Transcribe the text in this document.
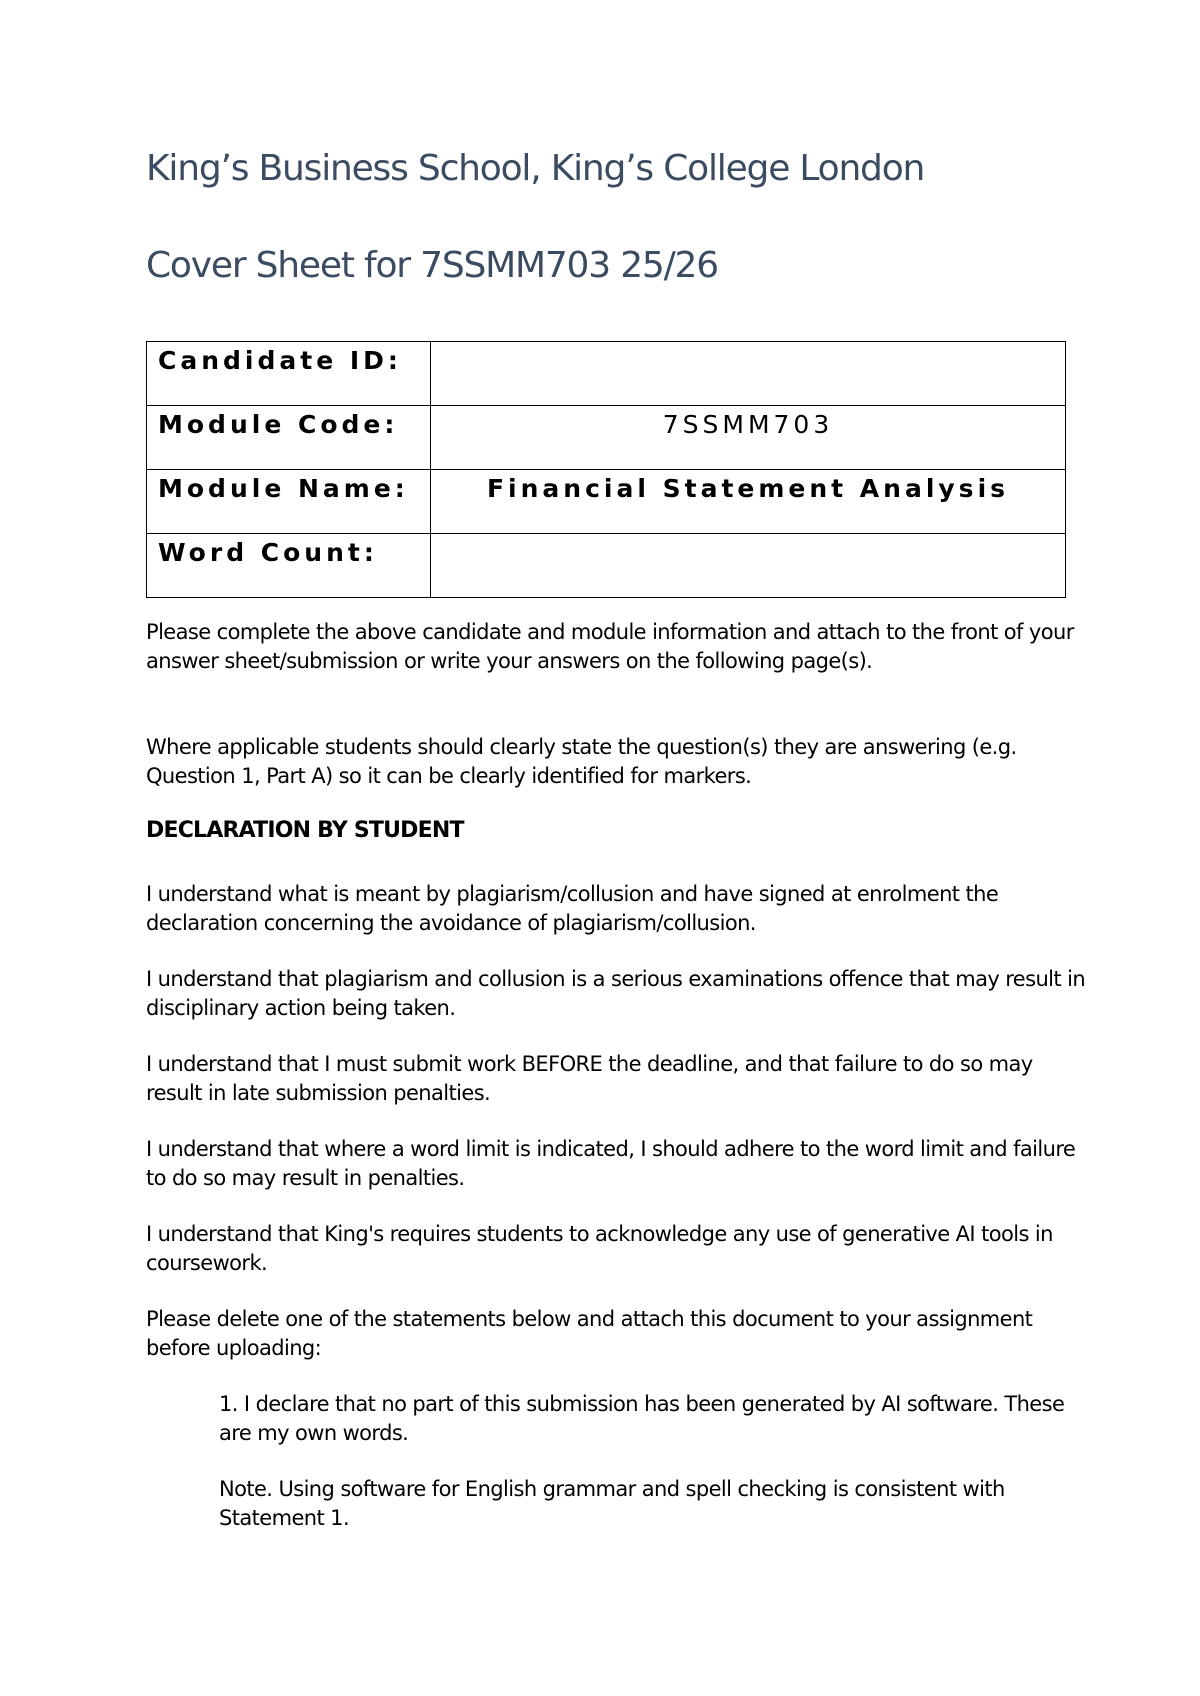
King’s Business School, King’s College London
Cover Sheet for 7SSMM703 25/26
Candidate ID:	
Module Code:	7SSMM703
Module Name:	Financial Statement Analysis
Word Count:	

Please complete the above candidate and module information and attach to the front of your answer sheet/submission or write your answers on the following page(s).

Where applicable students should clearly state the question(s) they are answering (e.g. Question 1, Part A) so it can be clearly identified for markers.

DECLARATION BY STUDENT

I understand what is meant by plagiarism/collusion and have signed at enrolment the declaration concerning the avoidance of plagiarism/collusion.

I understand that plagiarism and collusion is a serious examinations offence that may result in disciplinary action being taken.

I understand that I must submit work BEFORE the deadline, and that failure to do so may result in late submission penalties.

I understand that where a word limit is indicated, I should adhere to the word limit and failure to do so may result in penalties.

I understand that King's requires students to acknowledge any use of generative AI tools in coursework.

Please delete one of the statements below and attach this document to your assignment before uploading:

1. I declare that no part of this submission has been generated by AI software. These are my own words.

Note. Using software for English grammar and spell checking is consistent with Statement 1.
